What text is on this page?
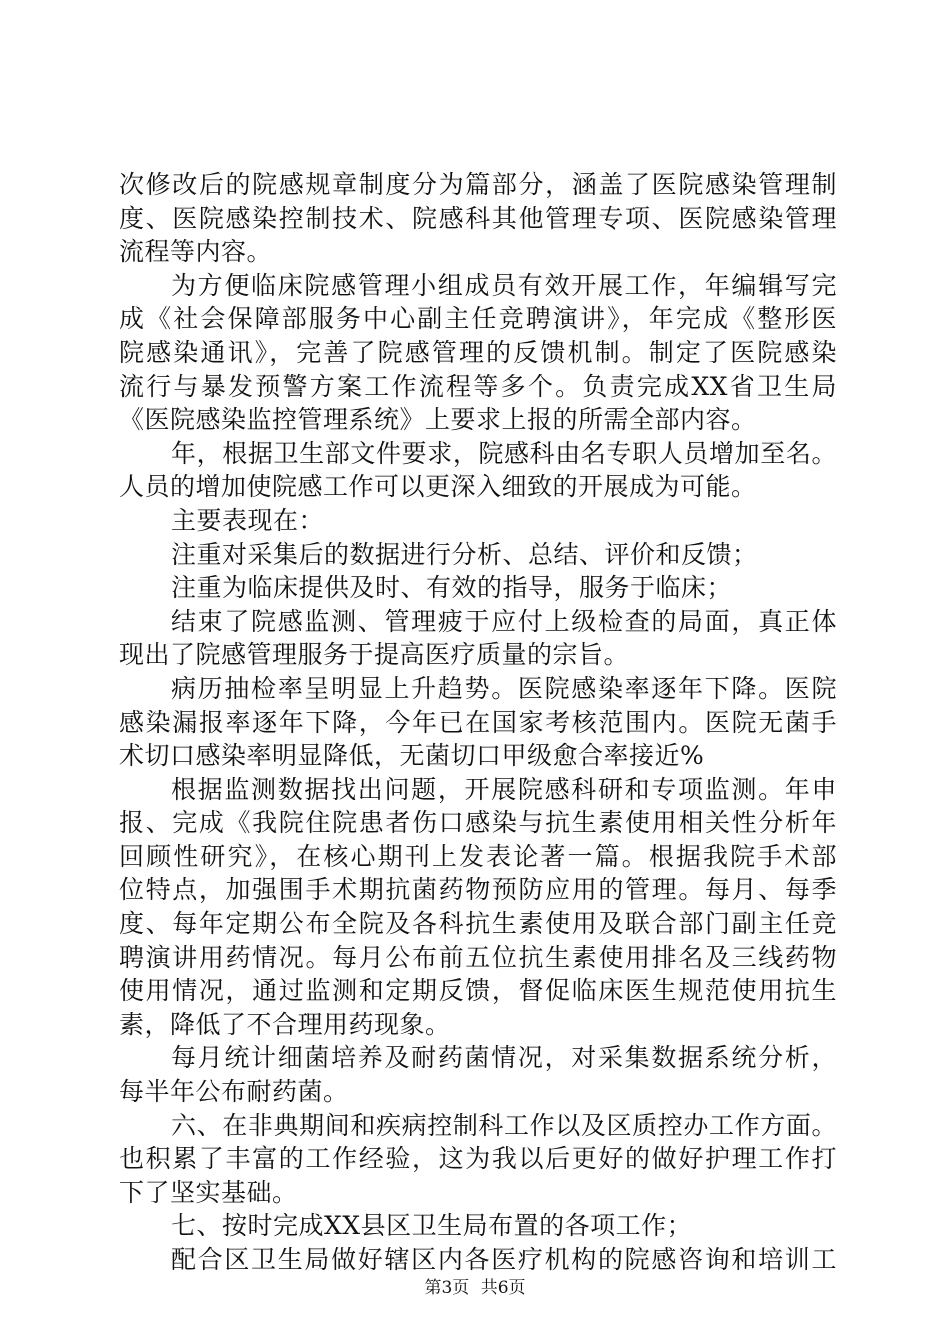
次修改后的院感规章制度分为篇部分，涵盖了医院感染管理制
度、医院感染控制技术、院感科其他管理专项、医院感染管理
流程等内容。
为方便临床院感管理小组成员有效开展工作，年编辑写完
成《社会保障部服务中心副主任竞聘演讲》，年完成《整形医
院感染通讯》，完善了院感管理的反馈机制。制定了医院感染
流行与暴发预警方案工作流程等多个。负责完成XX省卫生局
《医院感染监控管理系统》上要求上报的所需全部内容。
年，根据卫生部文件要求，院感科由名专职人员增加至名。
人员的增加使院感工作可以更深入细致的开展成为可能。
主要表现在：
注重对采集后的数据进行分析、总结、评价和反馈；
注重为临床提供及时、有效的指导，服务于临床；
结束了院感监测、管理疲于应付上级检查的局面，真正体
现出了院感管理服务于提高医疗质量的宗旨。
病历抽检率呈明显上升趋势。医院感染率逐年下降。医院
感染漏报率逐年下降，今年已在国家考核范围内。医院无菌手
术切口感染率明显降低，无菌切口甲级愈合率接近%
根据监测数据找出问题，开展院感科研和专项监测。年申
报、完成《我院住院患者伤口感染与抗生素使用相关性分析年
回顾性研究》，在核心期刊上发表论著一篇。根据我院手术部
位特点，加强围手术期抗菌药物预防应用的管理。每月、每季
度、每年定期公布全院及各科抗生素使用及联合部门副主任竞
聘演讲用药情况。每月公布前五位抗生素使用排名及三线药物
使用情况，通过监测和定期反馈，督促临床医生规范使用抗生
素，降低了不合理用药现象。
每月统计细菌培养及耐药菌情况，对采集数据系统分析，
每半年公布耐药菌。
六、在非典期间和疾病控制科工作以及区质控办工作方面。
也积累了丰富的工作经验，这为我以后更好的做好护理工作打
下了坚实基础。
七、按时完成XX县区卫生局布置的各项工作；
配合区卫生局做好辖区内各医疗机构的院感咨询和培训工
第3页 共6页
